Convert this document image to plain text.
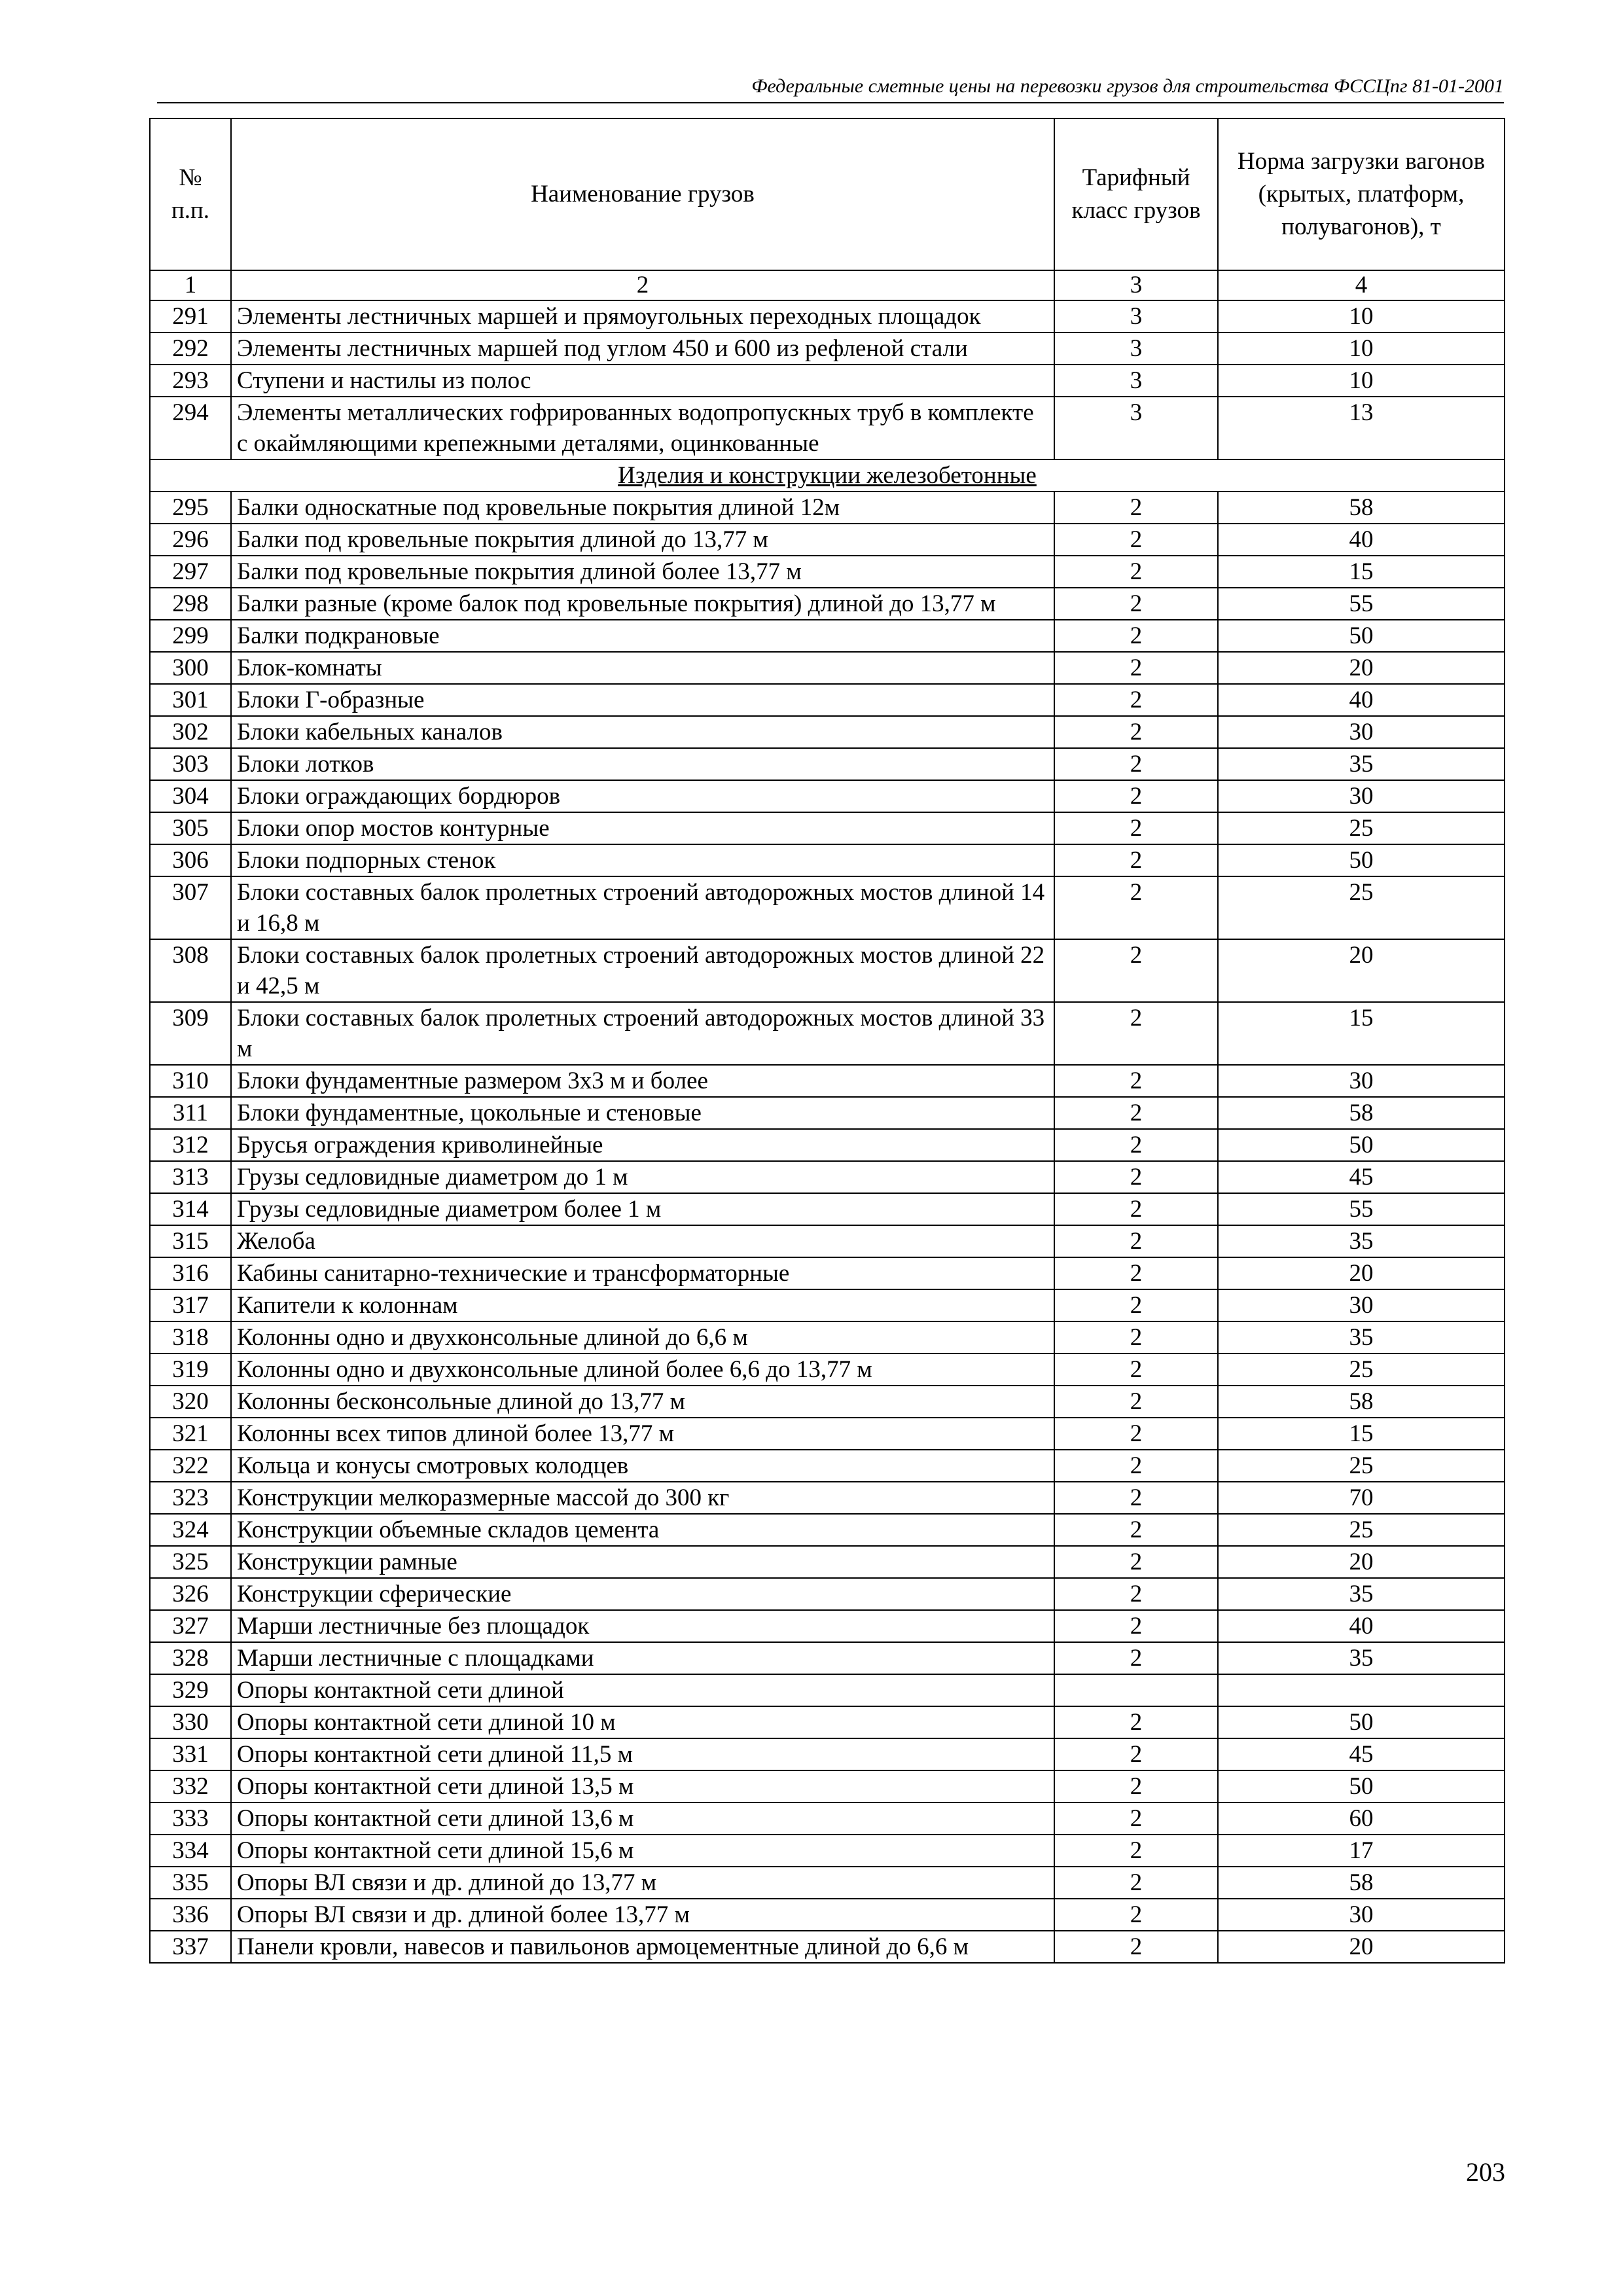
Федеральные сметные цены на перевозки грузов для строительства ФССЦпг 81-01-2001
№
п.п.	Наименование грузов	Тарифный класс грузов	Норма загрузки вагонов (крытых, платформ, полувагонов), т
1	2	3	4
291	Элементы лестничных маршей и прямоугольных переходных площадок	3	10
292	Элементы лестничных маршей под углом 450 и 600 из рефленой стали	3	10
293	Ступени и настилы из полос	3	10
294	Элементы металлических гофрированных водопропускных труб в комплекте с окаймляющими крепежными деталями, оцинкованные	3	13
Изделия и конструкции железобетонные			
295	Балки односкатные под кровельные покрытия длиной 12м	2	58
296	Балки под кровельные покрытия длиной до 13,77 м	2	40
297	Балки под кровельные покрытия длиной более 13,77 м	2	15
298	Балки разные (кроме балок под кровельные покрытия) длиной до 13,77 м	2	55
299	Балки подкрановые	2	50
300	Блок-комнаты	2	20
301	Блоки Г-образные	2	40
302	Блоки кабельных каналов	2	30
303	Блоки лотков	2	35
304	Блоки ограждающих бордюров	2	30
305	Блоки опор мостов контурные	2	25
306	Блоки подпорных стенок	2	50
307	Блоки составных балок пролетных строений автодорожных мостов длиной 14 и 16,8 м	2	25
308	Блоки составных балок пролетных строений автодорожных мостов длиной 22 и 42,5 м	2	20
309	Блоки составных балок пролетных строений автодорожных мостов длиной 33 м	2	15
310	Блоки фундаментные размером 3х3 м и более	2	30
311	Блоки фундаментные, цокольные и стеновые	2	58
312	Брусья ограждения криволинейные	2	50
313	Грузы седловидные диаметром до 1 м	2	45
314	Грузы седловидные диаметром более 1 м	2	55
315	Желоба	2	35
316	Кабины санитарно-технические и трансформаторные	2	20
317	Капители к колоннам	2	30
318	Колонны одно и двухконсольные длиной до 6,6 м	2	35
319	Колонны одно и двухконсольные длиной более 6,6 до 13,77 м	2	25
320	Колонны бесконсольные длиной до 13,77 м	2	58
321	Колонны всех типов длиной более 13,77 м	2	15
322	Кольца и конусы смотровых колодцев	2	25
323	Конструкции мелкоразмерные массой до 300 кг	2	70
324	Конструкции объемные складов цемента	2	25
325	Конструкции рамные	2	20
326	Конструкции сферические	2	35
327	Марши лестничные без площадок	2	40
328	Марши лестничные с площадками	2	35
329	Опоры контактной сети длиной		
330	Опоры контактной сети длиной 10 м	2	50
331	Опоры контактной сети длиной 11,5 м	2	45
332	Опоры контактной сети длиной 13,5 м	2	50
333	Опоры контактной сети длиной 13,6 м	2	60
334	Опоры контактной сети длиной 15,6 м	2	17
335	Опоры ВЛ связи и др. длиной до 13,77 м	2	58
336	Опоры ВЛ связи и др. длиной более 13,77 м	2	30
337	Панели кровли, навесов и павильонов армоцементные длиной до 6,6 м	2	20
203
